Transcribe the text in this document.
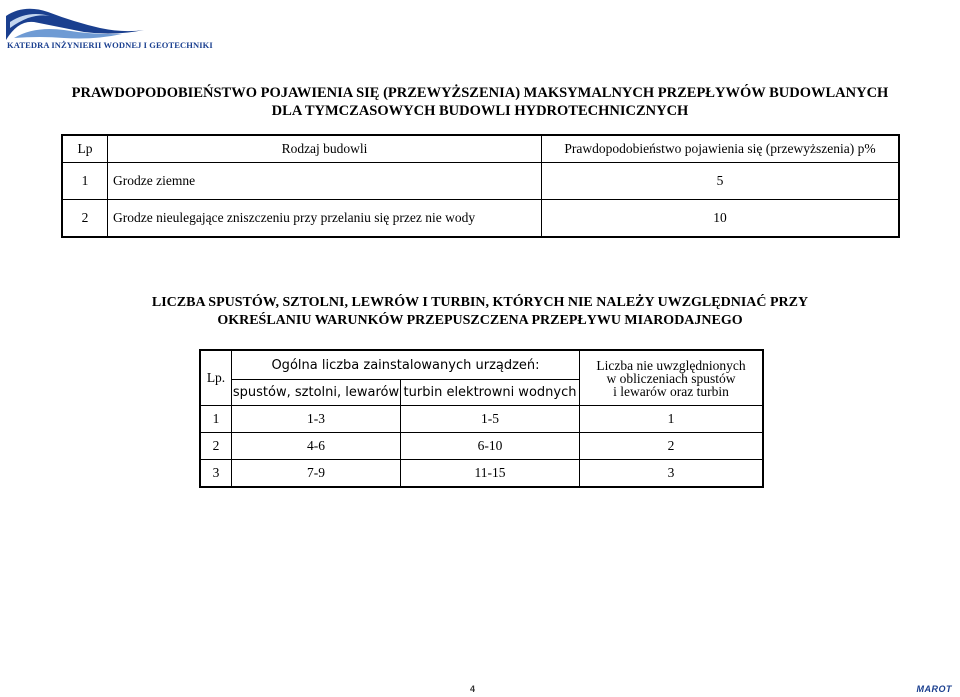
KATEDRA INŻYNIERII WODNEJ I GEOTECHNIKI
PRAWDOPODOBIEŃSTWO POJAWIENIA SIĘ (PRZEWYŻSZENIA) MAKSYMALNYCH PRZEPŁYWÓW BUDOWLANYCH
DLA TYMCZASOWYCH BUDOWLI HYDROTECHNICZNYCH
Lp	Rodzaj budowli	Prawdopodobieństwo pojawienia się (przewyższenia) p%
1	Grodze ziemne	5
2	Grodze nieulegające zniszczeniu przy przelaniu się przez nie wody	10
LICZBA SPUSTÓW, SZTOLNI, LEWRÓW I TURBIN, KTÓRYCH NIE NALEŻY UWZGLĘDNIAĆ PRZY
OKREŚLANIU WARUNKÓW PRZEPUSZCZENA PRZEPŁYWU MIARODAJNEGO
Lp.	Ogólna liczba zainstalowanych urządzeń:		Liczba nie uwzględnionych
w obliczeniach spustów
i lewarów oraz turbin

	spustów, sztolni, lewarów	turbin elektrowni wodnych	
1	1-3	1-5	1
2	4-6	6-10	2
3	7-9	11-15	3
4	MAROT
